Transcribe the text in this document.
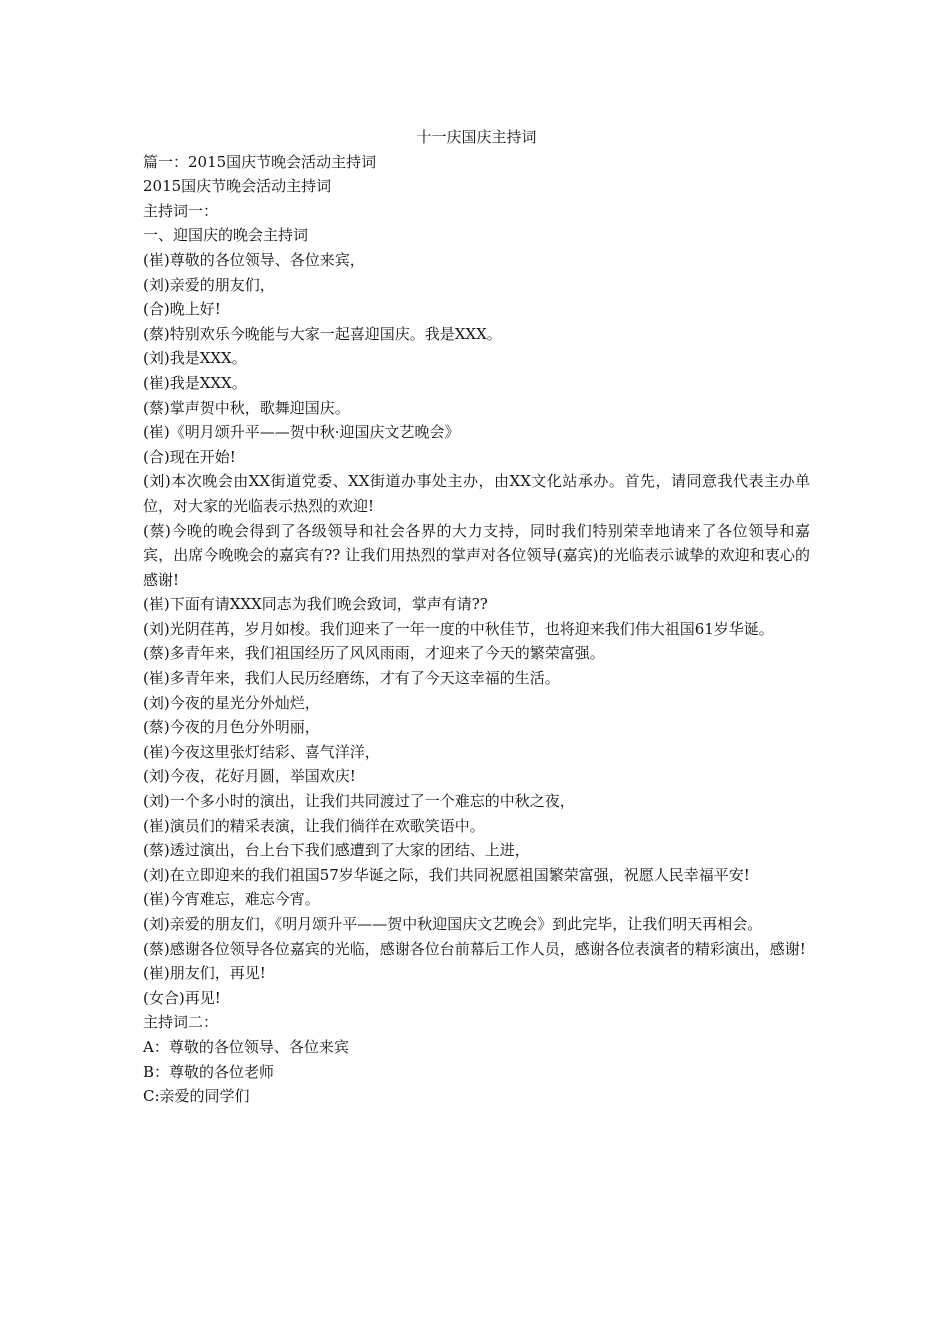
十一庆国庆主持词

篇一：2015国庆节晚会活动主持词

2015国庆节晚会活动主持词

主持词一：

一、迎国庆的晚会主持词

(崔)尊敬的各位领导、各位来宾，

(刘)亲爱的朋友们，

(合)晚上好!

(蔡)特别欢乐今晚能与大家一起喜迎国庆。我是XXX。

(刘)我是XXX。

(崔)我是XXX。

(蔡)掌声贺中秋，歌舞迎国庆。

(崔)《明月颂升平——贺中秋·迎国庆文艺晚会》

(合)现在开始!

(刘)本次晚会由XX街道党委、XX街道办事处主办，由XX文化站承办。首先，请同意我代表主办单位，对大家的光临表示热烈的欢迎!

(蔡)今晚的晚会得到了各级领导和社会各界的大力支持，同时我们特别荣幸地请来了各位领导和嘉宾，出席今晚晚会的嘉宾有?? 让我们用热烈的掌声对各位领导(嘉宾)的光临表示诚挚的欢迎和衷心的感谢!

(崔)下面有请XXX同志为我们晚会致词，掌声有请??

(刘)光阴荏苒，岁月如梭。我们迎来了一年一度的中秋佳节，也将迎来我们伟大祖国61岁华诞。

(蔡)多青年来，我们祖国经历了风风雨雨，才迎来了今天的繁荣富强。

(崔)多青年来，我们人民历经磨练，才有了今天这幸福的生活。

(刘)今夜的星光分外灿烂，

(蔡)今夜的月色分外明丽，

(崔)今夜这里张灯结彩、喜气洋洋，

(刘)今夜，花好月圆，举国欢庆!

(刘)一个多小时的演出，让我们共同渡过了一个难忘的中秋之夜，

(崔)演员们的精采表演，让我们徜徉在欢歌笑语中。

(蔡)透过演出，台上台下我们感遭到了大家的团结、上进，

(刘)在立即迎来的我们祖国57岁华诞之际，我们共同祝愿祖国繁荣富强，祝愿人民幸福平安!

(崔)今宵难忘，难忘今宵。

(刘)亲爱的朋友们，《明月颂升平——贺中秋迎国庆文艺晚会》到此完毕，让我们明天再相会。

(蔡)感谢各位领导各位嘉宾的光临，感谢各位台前幕后工作人员，感谢各位表演者的精彩演出，感谢!

(崔)朋友们，再见!

(女合)再见!

主持词二：

A：尊敬的各位领导、各位来宾

B：尊敬的各位老师

C:亲爱的同学们
